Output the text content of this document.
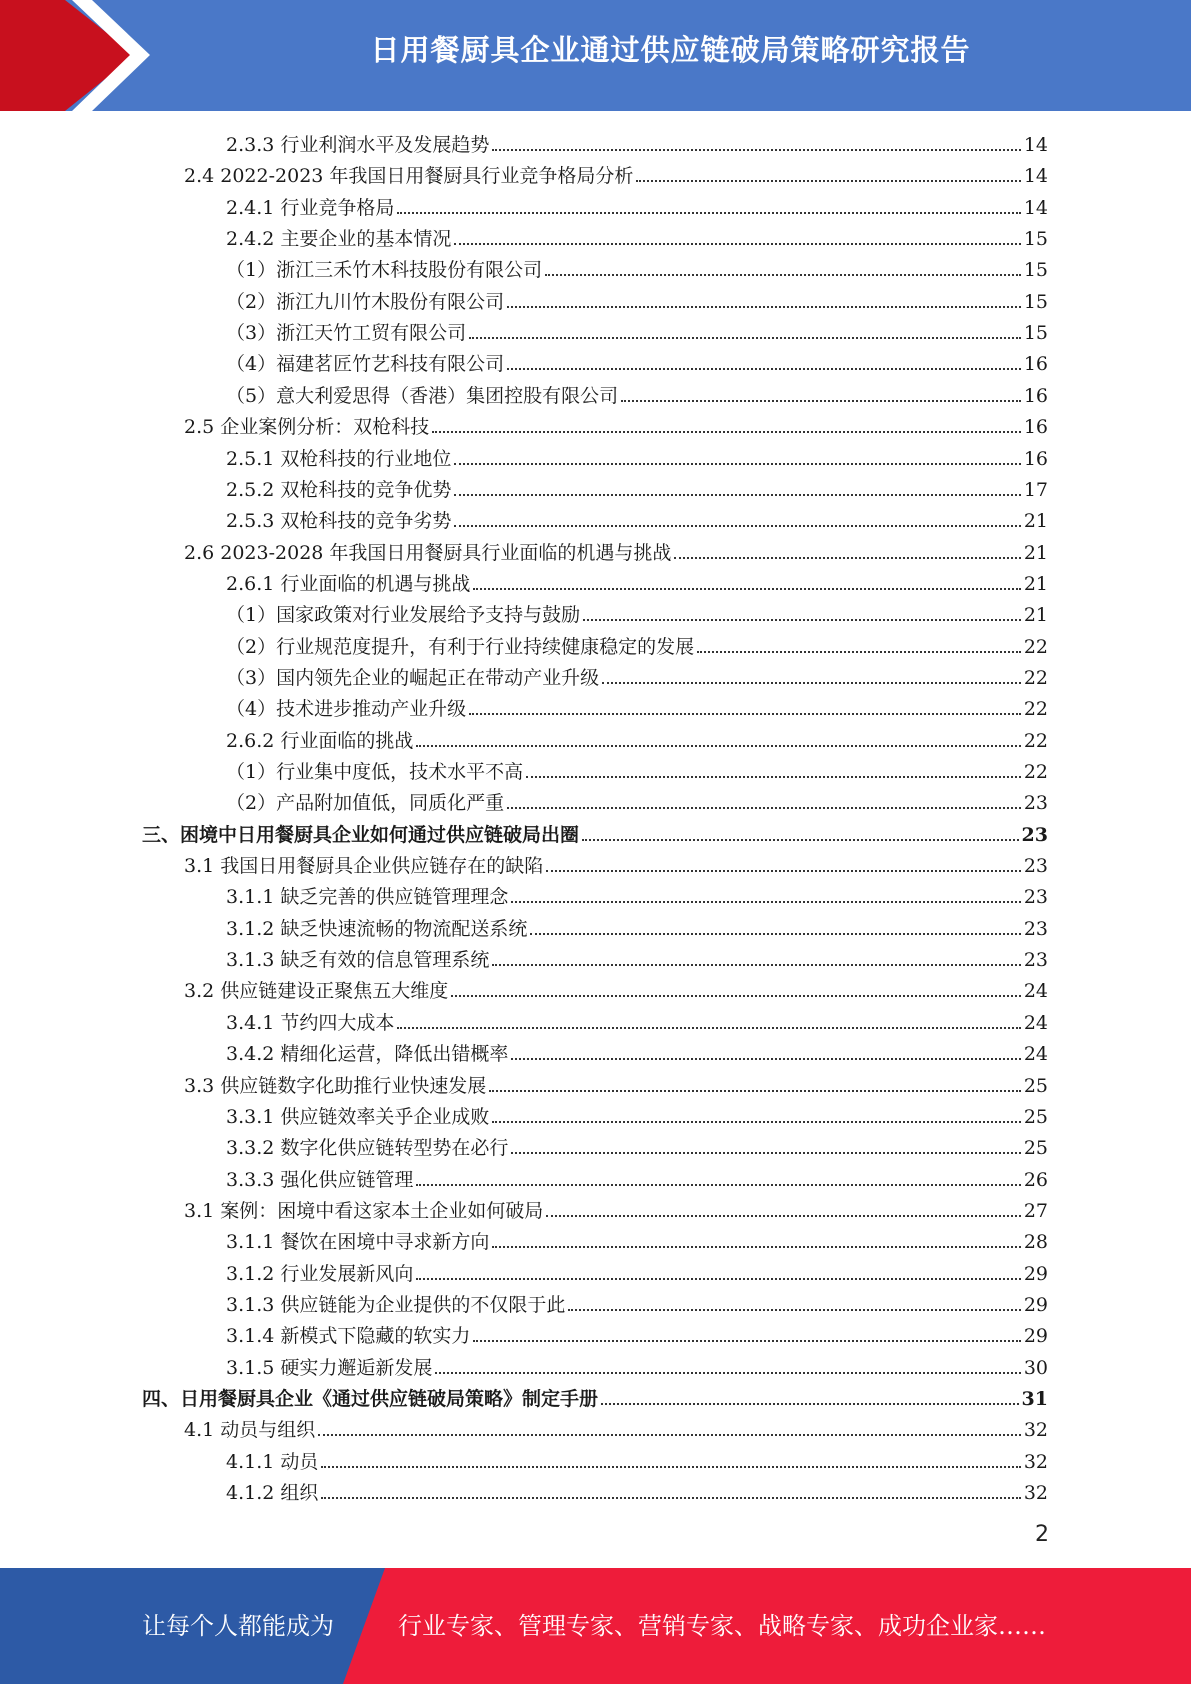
日用餐厨具企业通过供应链破局策略研究报告
2.3.3 行业利润水平及发展趋势	14
2.4 2022-2023 年我国日用餐厨具行业竞争格局分析	14
2.4.1 行业竞争格局	14
2.4.2 主要企业的基本情况	15
（1）浙江三禾竹木科技股份有限公司	15
（2）浙江九川竹木股份有限公司	15
（3）浙江天竹工贸有限公司	15
（4）福建茗匠竹艺科技有限公司	16
（5）意大利爱思得（香港）集团控股有限公司	16
2.5 企业案例分析：双枪科技	16
2.5.1 双枪科技的行业地位	16
2.5.2 双枪科技的竞争优势	17
2.5.3 双枪科技的竞争劣势	21
2.6 2023-2028 年我国日用餐厨具行业面临的机遇与挑战	21
2.6.1 行业面临的机遇与挑战	21
（1）国家政策对行业发展给予支持与鼓励	21
（2）行业规范度提升，有利于行业持续健康稳定的发展	22
（3）国内领先企业的崛起正在带动产业升级	22
（4）技术进步推动产业升级	22
2.6.2 行业面临的挑战	22
（1）行业集中度低，技术水平不高	22
（2）产品附加值低，同质化严重	23
三、困境中日用餐厨具企业如何通过供应链破局出圈	23
3.1 我国日用餐厨具企业供应链存在的缺陷	23
3.1.1 缺乏完善的供应链管理理念	23
3.1.2 缺乏快速流畅的物流配送系统	23
3.1.3 缺乏有效的信息管理系统	23
3.2 供应链建设正聚焦五大维度	24
3.4.1 节约四大成本	24
3.4.2 精细化运营，降低出错概率	24
3.3 供应链数字化助推行业快速发展	25
3.3.1 供应链效率关乎企业成败	25
3.3.2 数字化供应链转型势在必行	25
3.3.3 强化供应链管理	26
3.1 案例：困境中看这家本土企业如何破局	27
3.1.1 餐饮在困境中寻求新方向	28
3.1.2 行业发展新风向	29
3.1.3 供应链能为企业提供的不仅限于此	29
3.1.4 新模式下隐藏的软实力	29
3.1.5 硬实力邂逅新发展	30
四、日用餐厨具企业《通过供应链破局策略》制定手册	31
4.1 动员与组织	32
4.1.1 动员	32
4.1.2 组织	32
2
让每个人都能成为	行业专家、管理专家、营销专家、战略专家、成功企业家……
